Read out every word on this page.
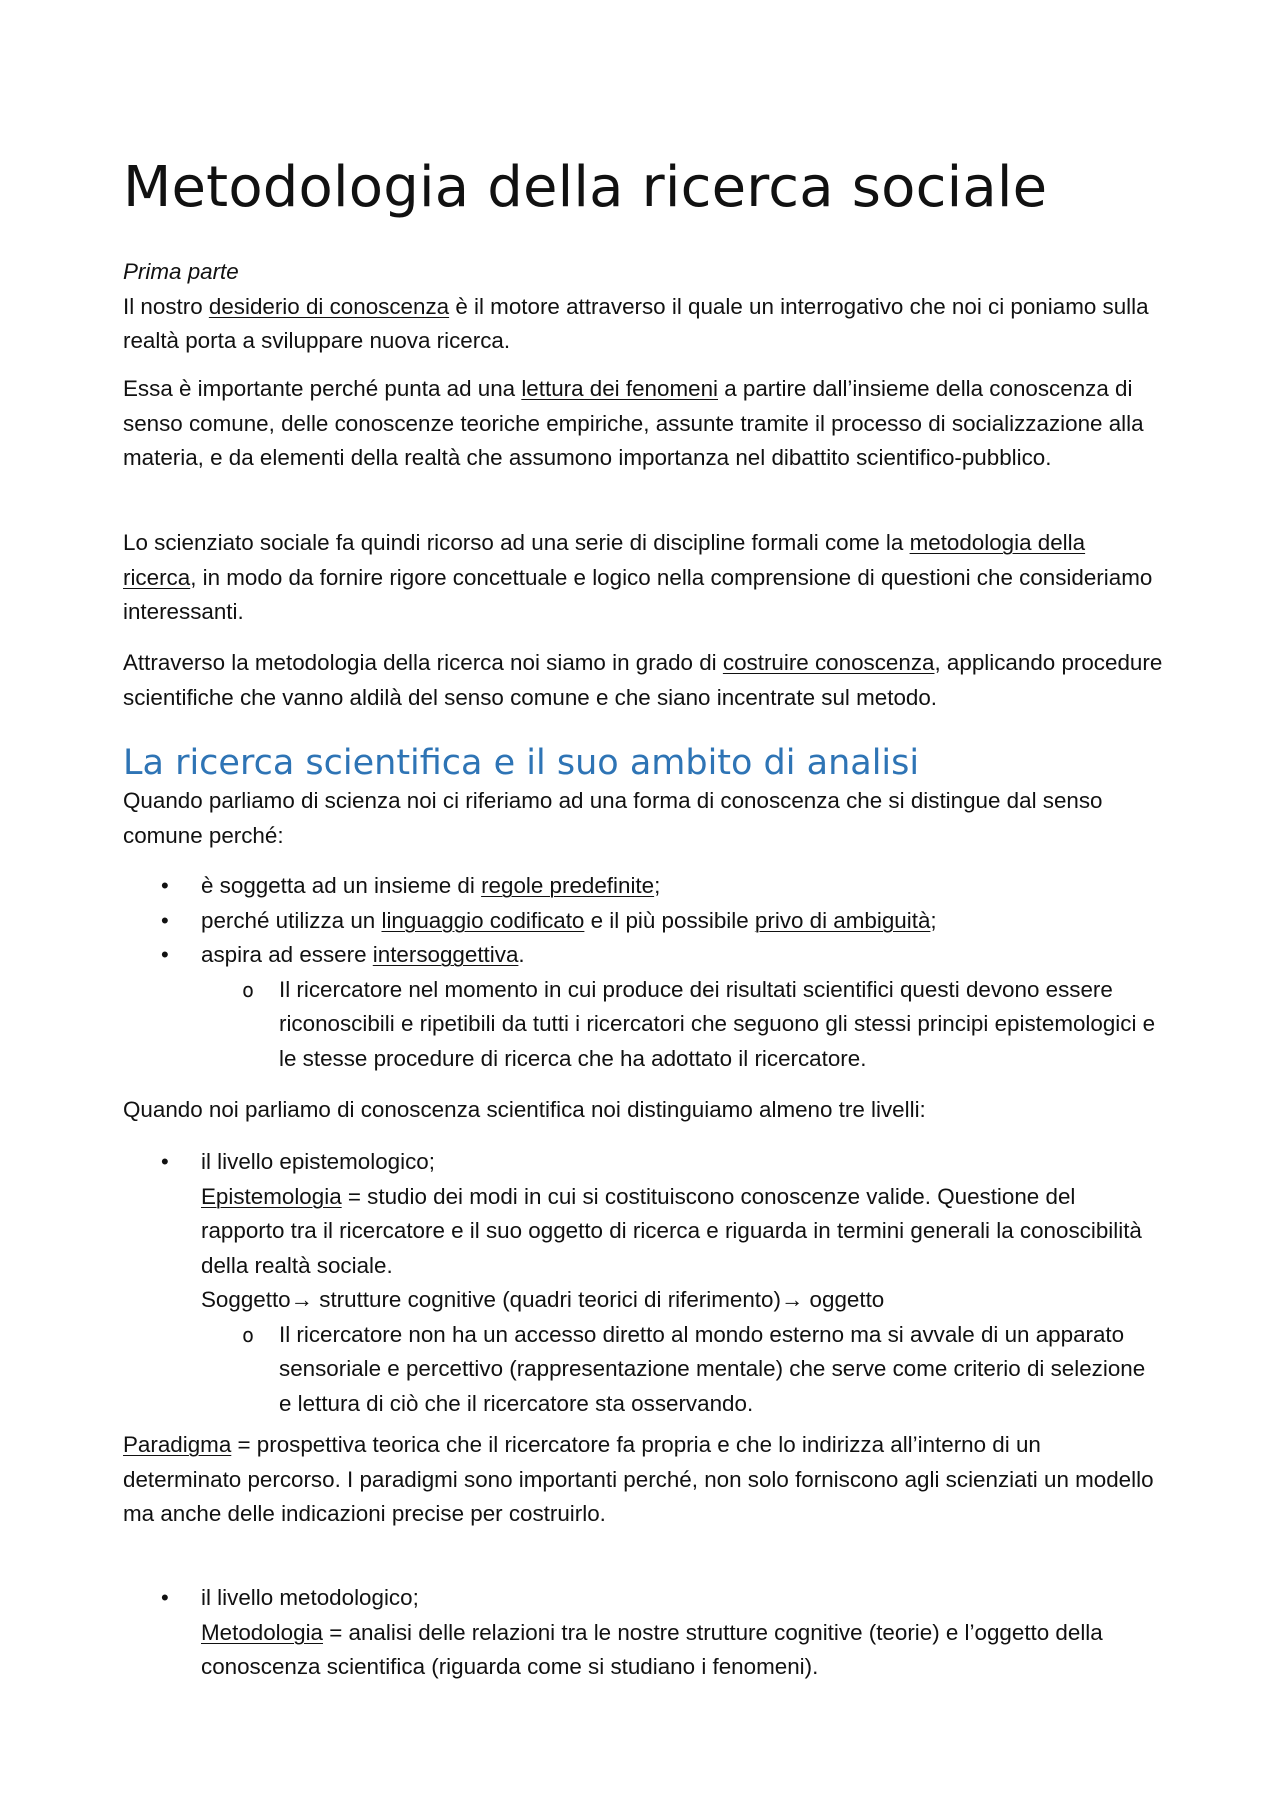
Metodologia della ricerca sociale
Prima parte
Il nostro desiderio di conoscenza è il motore attraverso il quale un interrogativo che noi ci poniamo sulla realtà porta a sviluppare nuova ricerca.

Essa è importante perché punta ad una lettura dei fenomeni a partire dall’insieme della conoscenza di senso comune, delle conoscenze teoriche empiriche, assunte tramite il processo di socializzazione alla materia, e da elementi della realtà che assumono importanza nel dibattito scientifico-pubblico.

Lo scienziato sociale fa quindi ricorso ad una serie di discipline formali come la metodologia della ricerca, in modo da fornire rigore concettuale e logico nella comprensione di questioni che consideriamo interessanti.

Attraverso la metodologia della ricerca noi siamo in grado di costruire conoscenza, applicando procedure scientifiche che vanno aldilà del senso comune e che siano incentrate sul metodo.

La ricerca scientifica e il suo ambito di analisi

Quando parliamo di scienza noi ci riferiamo ad una forma di conoscenza che si distingue dal senso comune perché:

• è soggetta ad un insieme di regole predefinite;
• perché utilizza un linguaggio codificato e il più possibile privo di ambiguità;
• aspira ad essere intersoggettiva.
o Il ricercatore nel momento in cui produce dei risultati scientifici questi devono essere riconoscibili e ripetibili da tutti i ricercatori che seguono gli stessi principi epistemologici e le stesse procedure di ricerca che ha adottato il ricercatore.

Quando noi parliamo di conoscenza scientifica noi distinguiamo almeno tre livelli:

• il livello epistemologico;
Epistemologia = studio dei modi in cui si costituiscono conoscenze valide. Questione del rapporto tra il ricercatore e il suo oggetto di ricerca e riguarda in termini generali la conoscibilità della realtà sociale.
Soggetto→ strutture cognitive (quadri teorici di riferimento)→ oggetto
o Il ricercatore non ha un accesso diretto al mondo esterno ma si avvale di un apparato sensoriale e percettivo (rappresentazione mentale) che serve come criterio di selezione e lettura di ciò che il ricercatore sta osservando.

Paradigma = prospettiva teorica che il ricercatore fa propria e che lo indirizza all’interno di un determinato percorso. I paradigmi sono importanti perché, non solo forniscono agli scienziati un modello ma anche delle indicazioni precise per costruirlo.

• il livello metodologico;
Metodologia = analisi delle relazioni tra le nostre strutture cognitive (teorie) e l’oggetto della conoscenza scientifica (riguarda come si studiano i fenomeni).
